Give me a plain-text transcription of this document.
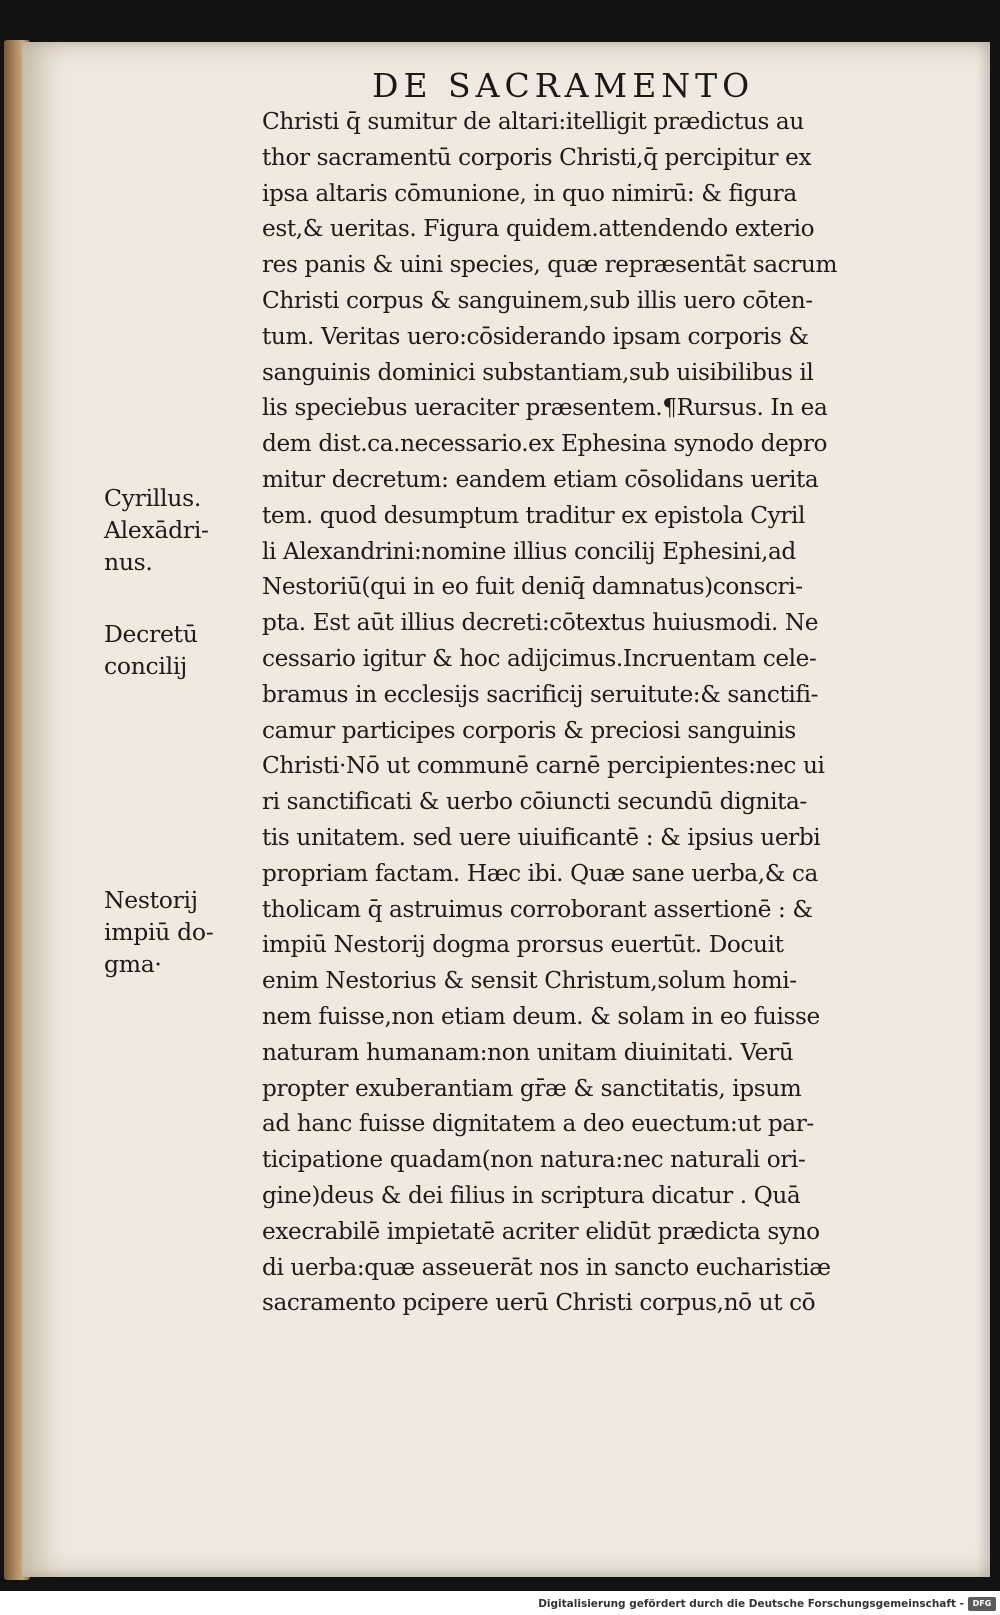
DE SACRAMENTO
Christi q̄ sumitur de altari:itelligit prædictus au
thor sacramentū corporis Christi,q̄ percipitur ex
ipsa altaris cōmunione, in quo nimirū: & figura
est,& ueritas. Figura quidem.attendendo exterio
res panis & uini species, quæ repræsentāt sacrum
Christi corpus & sanguinem,sub illis uero cōten-
tum. Veritas uero:cōsiderando ipsam corporis &
sanguinis dominici substantiam,sub uisibilibus il
lis speciebus ueraciter præsentem.¶Rursus. In ea
dem dist.ca.necessario.ex Ephesina synodo depro
mitur decretum: eandem etiam cōsolidans uerita
tem. quod desumptum traditur ex epistola Cyril
li Alexandrini:nomine illius concilij Ephesini,ad
Nestoriū(qui in eo fuit deniq̄ damnatus)conscri-
pta. Est aūt illius decreti:cōtextus huiusmodi. Ne
cessario igitur & hoc adijcimus.Incruentam cele-
bramus in ecclesijs sacrificij seruitute:& sanctifi-
camur participes corporis & preciosi sanguinis
Christi·Nō ut communē carnē percipientes:nec ui
ri sanctificati & uerbo cōiuncti secundū dignita-
tis unitatem. sed uere uiuificantē : & ipsius uerbi
propriam factam. Hæc ibi. Quæ sane uerba,& ca
tholicam q̄ astruimus corroborant assertionē : &
impiū Nestorij dogma prorsus euertūt. Docuit
enim Nestorius & sensit Christum,solum homi-
nem fuisse,non etiam deum. & solam in eo fuisse
naturam humanam:non unitam diuinitati. Verū
propter exuberantiam gr̄æ & sanctitatis, ipsum
ad hanc fuisse dignitatem a deo euectum:ut par-
ticipatione quadam(non natura:nec naturali ori-
gine)deus & dei filius in scriptura dicatur . Quā
execrabilē impietatē acriter elidūt prædicta syno
di uerba:quæ asseuerāt nos in sancto eucharistiæ
sacramento pcipere uerū Christi corpus,nō ut cō
Cyrillus.
Alexādri-
nus.
Decretū
concilij
Nestorij
impiū do-
gma·
Digitalisierung gefördert durch die Deutsche Forschungsgemeinschaft -	DFG
